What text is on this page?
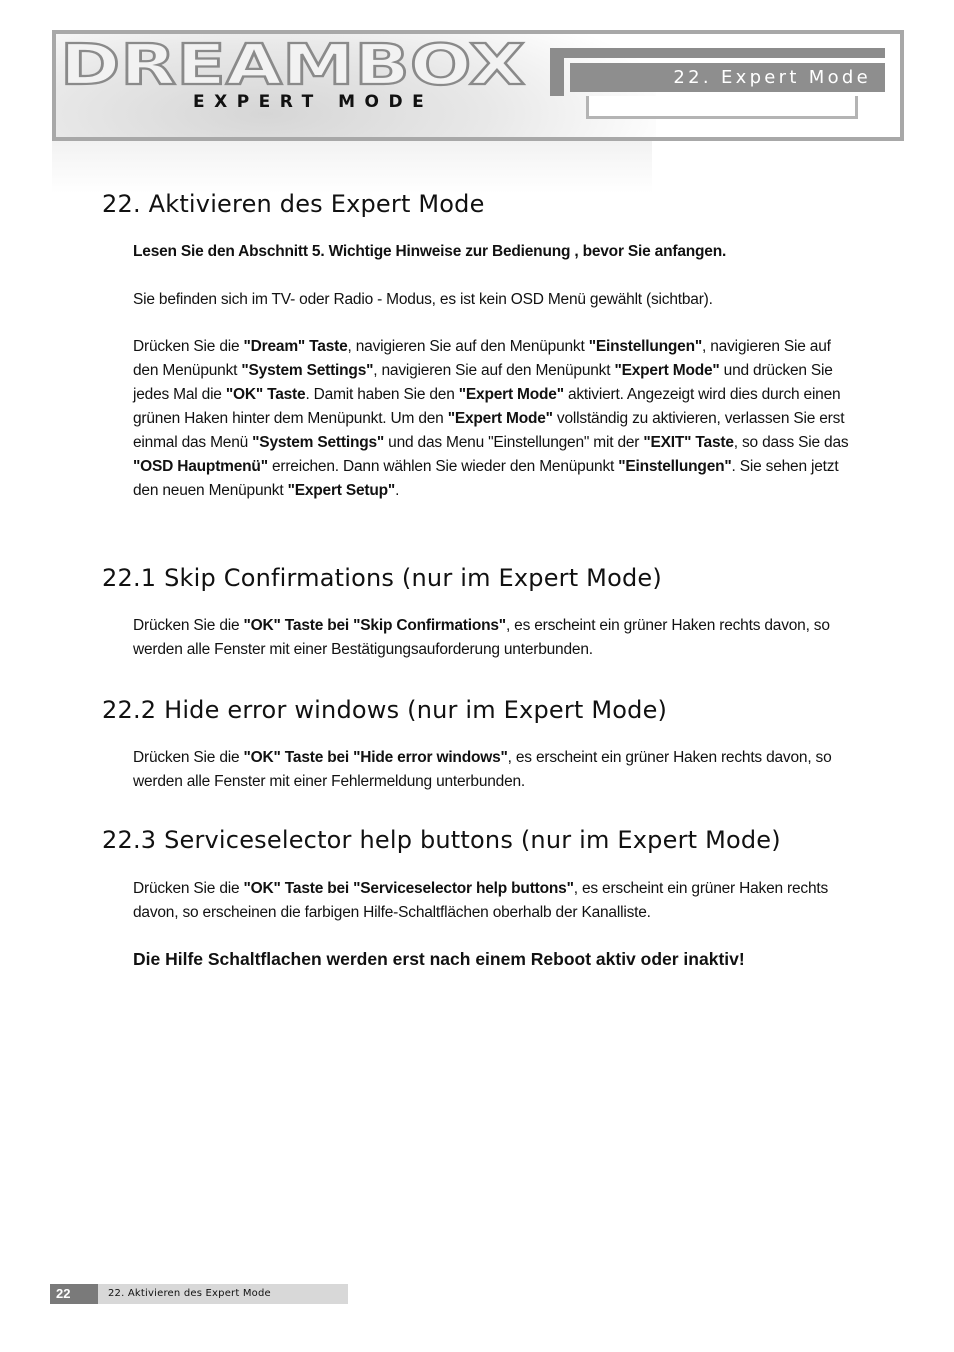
DREAMBOX
EXPERT MODE
22. Expert Mode
22. Aktivieren des Expert Mode

Lesen Sie den Abschnitt 5. Wichtige Hinweise zur Bedienung , bevor Sie anfangen.

Sie befinden sich im TV- oder Radio - Modus, es ist kein OSD Menü gewählt (sichtbar).

Drücken Sie die "Dream" Taste, navigieren Sie auf den Menüpunkt "Einstellungen", navigieren Sie auf den Menüpunkt "System Settings", navigieren Sie auf den Menüpunkt "Expert Mode" und drücken Sie jedes Mal die "OK" Taste. Damit haben Sie den "Expert Mode" aktiviert. Angezeigt wird dies durch einen grünen Haken hinter dem Menüpunkt. Um den "Expert Mode" vollständig zu aktivieren, verlassen Sie erst einmal das Menü "System Settings" und das Menu "Einstellungen" mit der "EXIT" Taste, so dass Sie das "OSD Hauptmenü" erreichen. Dann wählen Sie wieder den Menüpunkt "Einstellungen". Sie sehen jetzt den neuen Menüpunkt "Expert Setup".

22.1 Skip Confirmations (nur im Expert Mode)

Drücken Sie die "OK" Taste bei "Skip Confirmations", es erscheint ein grüner Haken rechts davon, so werden alle Fenster mit einer Bestätigungsauforderung unterbunden.

22.2 Hide error windows (nur im Expert Mode)

Drücken Sie die "OK" Taste bei "Hide error windows", es erscheint ein grüner Haken rechts davon, so werden alle Fenster mit einer Fehlermeldung unterbunden.

22.3 Serviceselector help buttons (nur im Expert Mode)

Drücken Sie die "OK" Taste bei "Serviceselector help buttons", es erscheint ein grüner Haken rechts davon, so erscheinen die farbigen Hilfe-Schaltflächen oberhalb der Kanalliste.

Die Hilfe Schaltflachen werden erst nach einem Reboot aktiv oder inaktiv!

22	22. Aktivieren des Expert Mode
